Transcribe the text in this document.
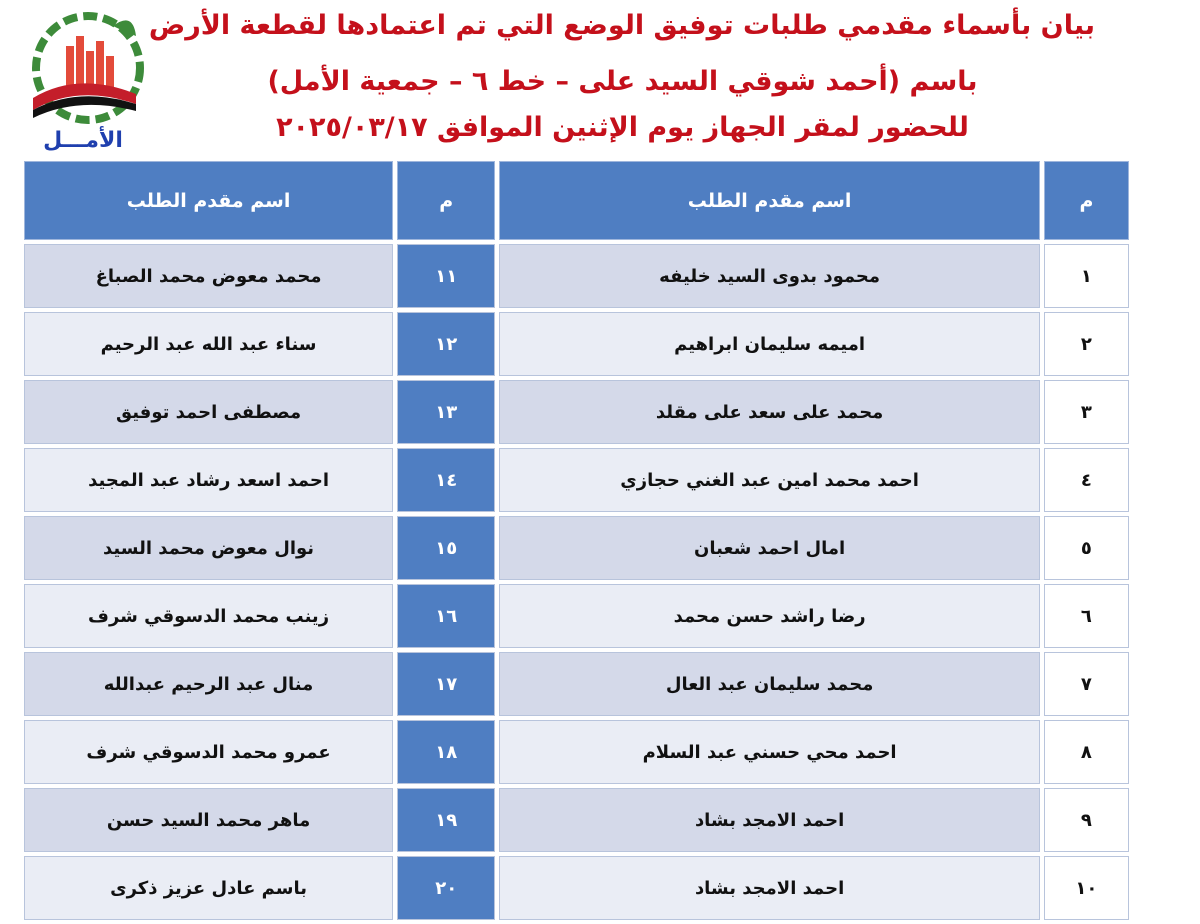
الأمـــل
بيان بأسماء مقدمي طلبات توفيق الوضع التي تم اعتمادها لقطعة الأرض
باسم (أحمد شوقي السيد على – خط ٦ – جمعية الأمل)
للحضور لمقر الجهاز يوم الإثنين الموافق ٢٠٢٥/٠٣/١٧
م	اسم مقدم الطلب	م	اسم مقدم الطلب
١	محمود بدوى السيد خليفه	١١	محمد معوض محمد الصباغ
٢	اميمه سليمان ابراهيم	١٢	سناء عبد الله عبد الرحيم
٣	محمد على سعد على مقلد	١٣	مصطفى احمد توفيق
٤	احمد محمد امين عبد الغني حجازي	١٤	احمد اسعد رشاد عبد المجيد
٥	امال احمد شعبان	١٥	نوال معوض محمد السيد
٦	رضا راشد حسن محمد	١٦	زينب محمد الدسوقي شرف
٧	محمد سليمان عبد العال	١٧	منال عبد الرحيم عبدالله
٨	احمد محي حسني عبد السلام	١٨	عمرو محمد الدسوقي شرف
٩	احمد الامجد بشاد	١٩	ماهر محمد السيد حسن
١٠	احمد الامجد بشاد	٢٠	باسم عادل عزيز ذكرى
